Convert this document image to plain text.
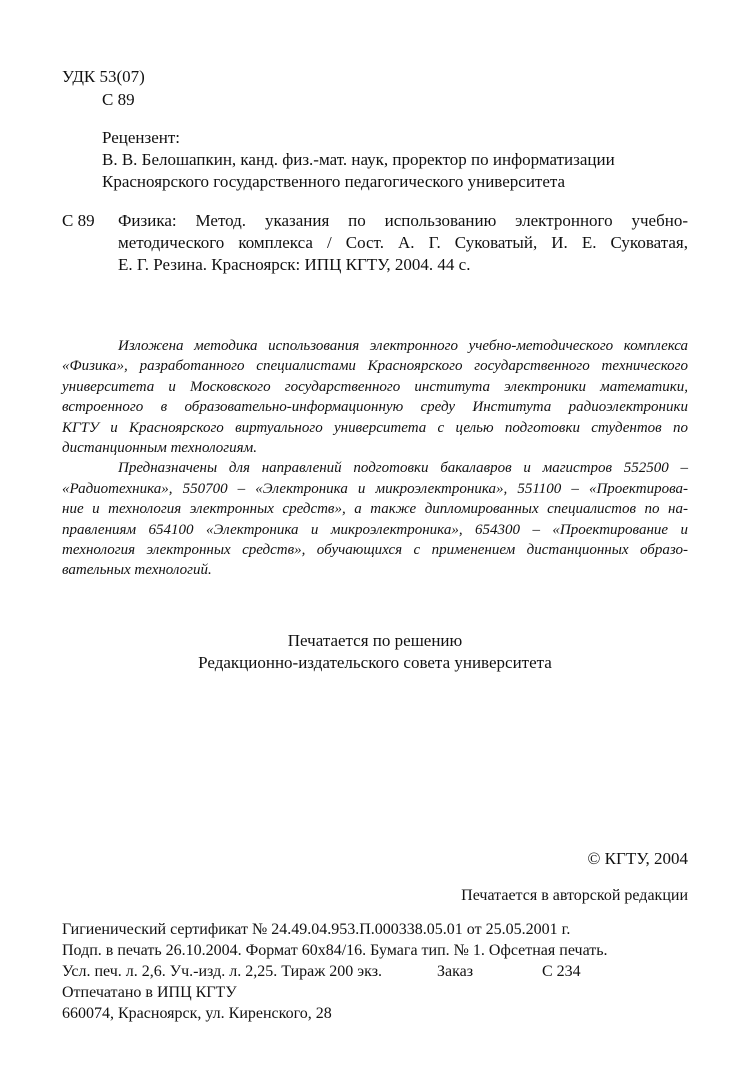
УДК 53(07)
С 89
Рецензент:
В. В. Белошапкин, канд. физ.-мат. наук, проректор по информатизации
Красноярского государственного педагогического университета
С 89 Физика: Метод. указания по использованию электронного учебно-
методического комплекса / Сост. А. Г. Суковатый, И. Е. Суковатая,
Е. Г. Резина. Красноярск: ИПЦ КГТУ, 2004. 44 с.
Изложена методика использования электронного учебно-методического комплекса
«Физика», разработанного специалистами Красноярского государственного технического
университета и Московского государственного института электроники математики,
встроенного в образовательно-информационную среду Института радиоэлектроники
КГТУ и Красноярского виртуального университета с целью подготовки студентов по
дистанционным технологиям.
Предназначены для направлений подготовки бакалавров и магистров 552500 –
«Радиотехника», 550700 – «Электроника и микроэлектроника», 551100 – «Проектирова-
ние и технология электронных средств», а также дипломированных специалистов по на-
правлениям 654100 «Электроника и микроэлектроника», 654300 – «Проектирование и
технология электронных средств», обучающихся с применением дистанционных образо-
вательных технологий.
Печатается по решению
Редакционно-издательского совета университета
© КГТУ, 2004
Печатается в авторской редакции
Гигиенический сертификат № 24.49.04.953.П.000338.05.01 от 25.05.2001 г.
Подп. в печать 26.10.2004. Формат 60х84/16. Бумага тип. № 1. Офсетная печать.
Усл. печ. л. 2,6. Уч.-изд. л. 2,25. Тираж 200 экз.	Заказ	С 234
Отпечатано в ИПЦ КГТУ
660074, Красноярск, ул. Киренского, 28
